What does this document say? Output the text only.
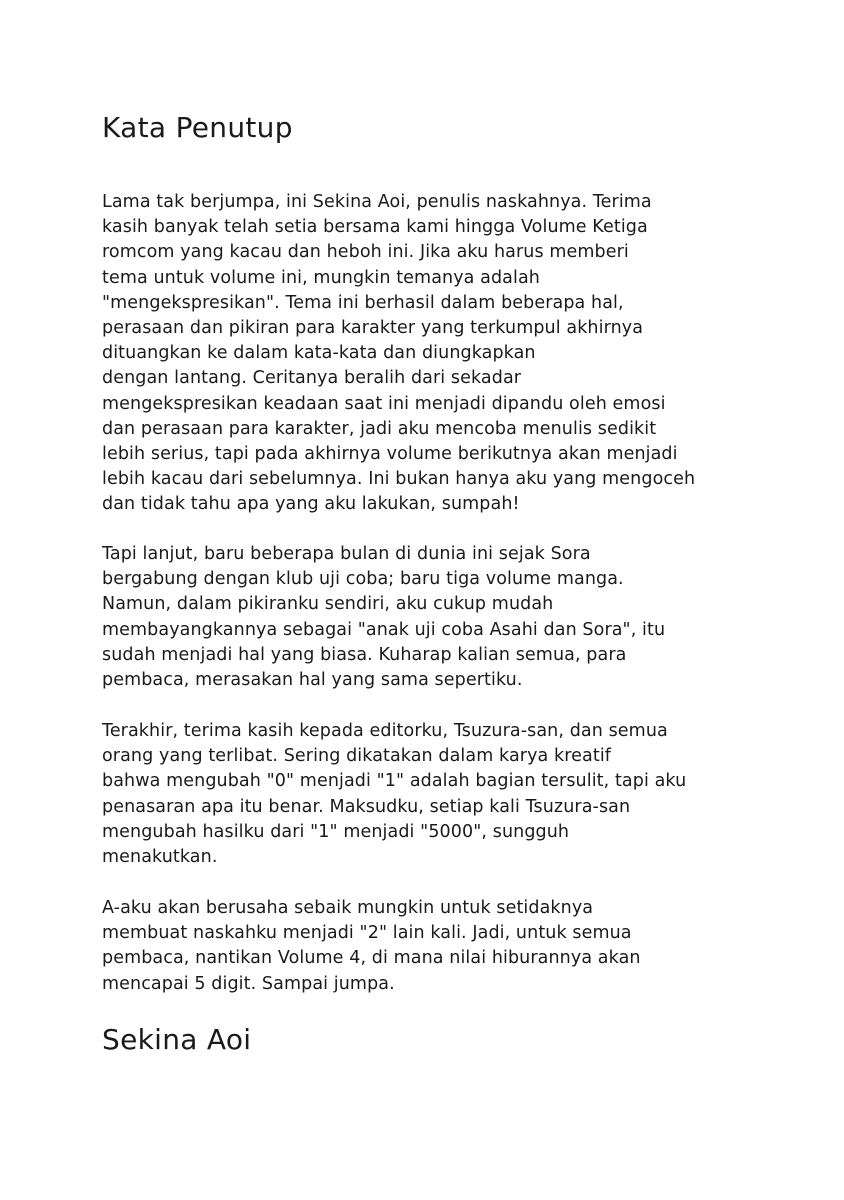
Kata Penutup

Lama tak berjumpa, ini Sekina Aoi, penulis naskahnya. Terima
kasih banyak telah setia bersama kami hingga Volume Ketiga
romcom yang kacau dan heboh ini. Jika aku harus memberi
tema untuk volume ini, mungkin temanya adalah
"mengekspresikan". Tema ini berhasil dalam beberapa hal,
perasaan dan pikiran para karakter yang terkumpul akhirnya
dituangkan ke dalam kata-kata dan diungkapkan
dengan lantang. Ceritanya beralih dari sekadar
mengekspresikan keadaan saat ini menjadi dipandu oleh emosi
dan perasaan para karakter, jadi aku mencoba menulis sedikit
lebih serius, tapi pada akhirnya volume berikutnya akan menjadi
lebih kacau dari sebelumnya. Ini bukan hanya aku yang mengoceh
dan tidak tahu apa yang aku lakukan, sumpah!

Tapi lanjut, baru beberapa bulan di dunia ini sejak Sora
bergabung dengan klub uji coba; baru tiga volume manga.
Namun, dalam pikiranku sendiri, aku cukup mudah
membayangkannya sebagai "anak uji coba Asahi dan Sora", itu
sudah menjadi hal yang biasa. Kuharap kalian semua, para
pembaca, merasakan hal yang sama sepertiku.

Terakhir, terima kasih kepada editorku, Tsuzura-san, dan semua
orang yang terlibat. Sering dikatakan dalam karya kreatif
bahwa mengubah "0" menjadi "1" adalah bagian tersulit, tapi aku
penasaran apa itu benar. Maksudku, setiap kali Tsuzura-san
mengubah hasilku dari "1" menjadi "5000", sungguh
menakutkan.

A-aku akan berusaha sebaik mungkin untuk setidaknya
membuat naskahku menjadi "2" lain kali. Jadi, untuk semua
pembaca, nantikan Volume 4, di mana nilai hiburannya akan
mencapai 5 digit. Sampai jumpa.

Sekina Aoi
